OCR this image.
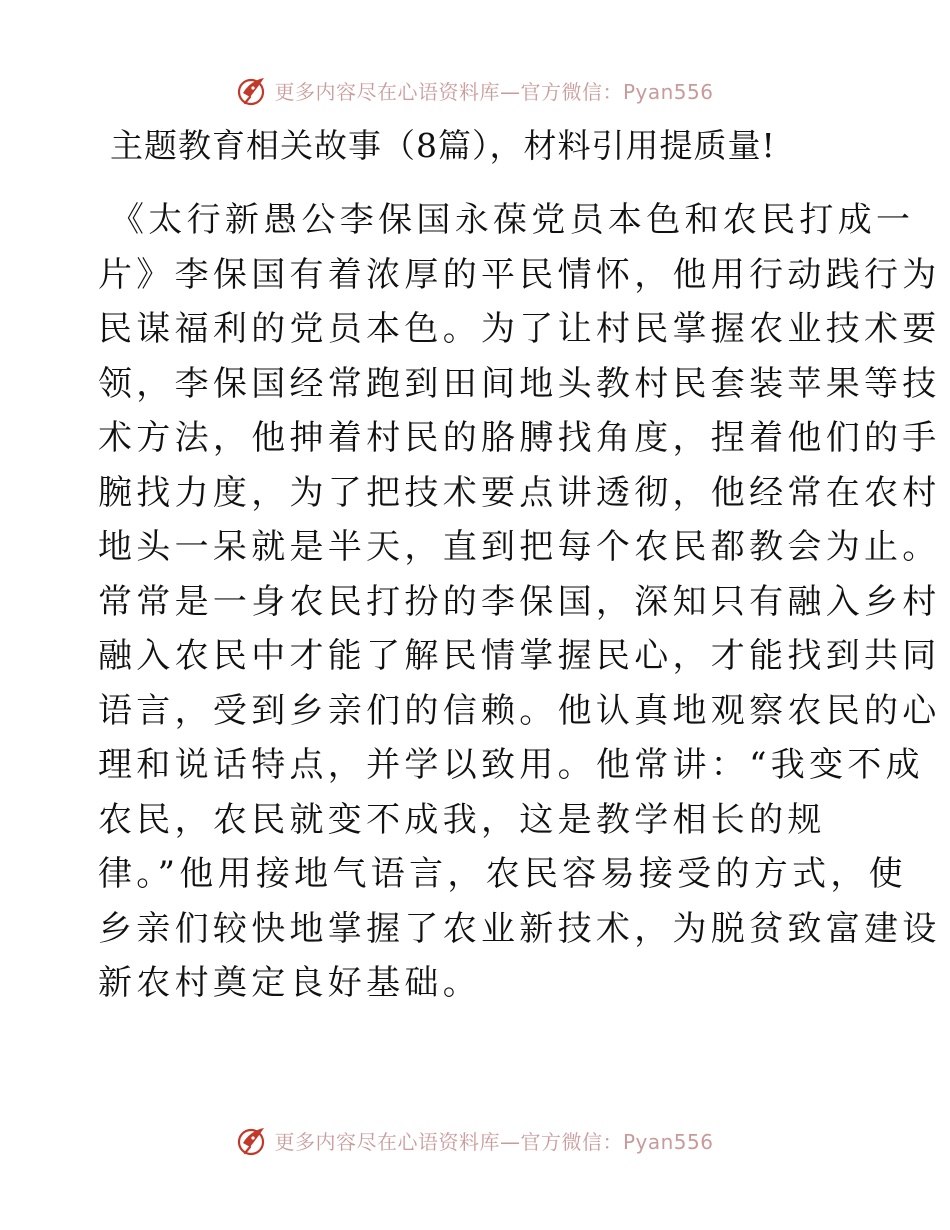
更多内容尽在心语资料库—官方微信：Pyan556
主题教育相关故事（8篇），材料引用提质量!
《太行新愚公李保国永葆党员本色和农民打成一
片》李保国有着浓厚的平民情怀，他用行动践行为
民谋福利的党员本色。为了让村民掌握农业技术要
领，李保国经常跑到田间地头教村民套装苹果等技
术方法，他抻着村民的胳膊找角度，捏着他们的手
腕找力度，为了把技术要点讲透彻，他经常在农村
地头一呆就是半天，直到把每个农民都教会为止。
常常是一身农民打扮的李保国，深知只有融入乡村
融入农民中才能了解民情掌握民心，才能找到共同
语言，受到乡亲们的信赖。他认真地观察农民的心
理和说话特点，并学以致用。他常讲：“我变不成
农民，农民就变不成我，这是教学相长的规
律。”他用接地气语言，农民容易接受的方式，使
乡亲们较快地掌握了农业新技术，为脱贫致富建设
新农村奠定良好基础。
更多内容尽在心语资料库—官方微信：Pyan556
